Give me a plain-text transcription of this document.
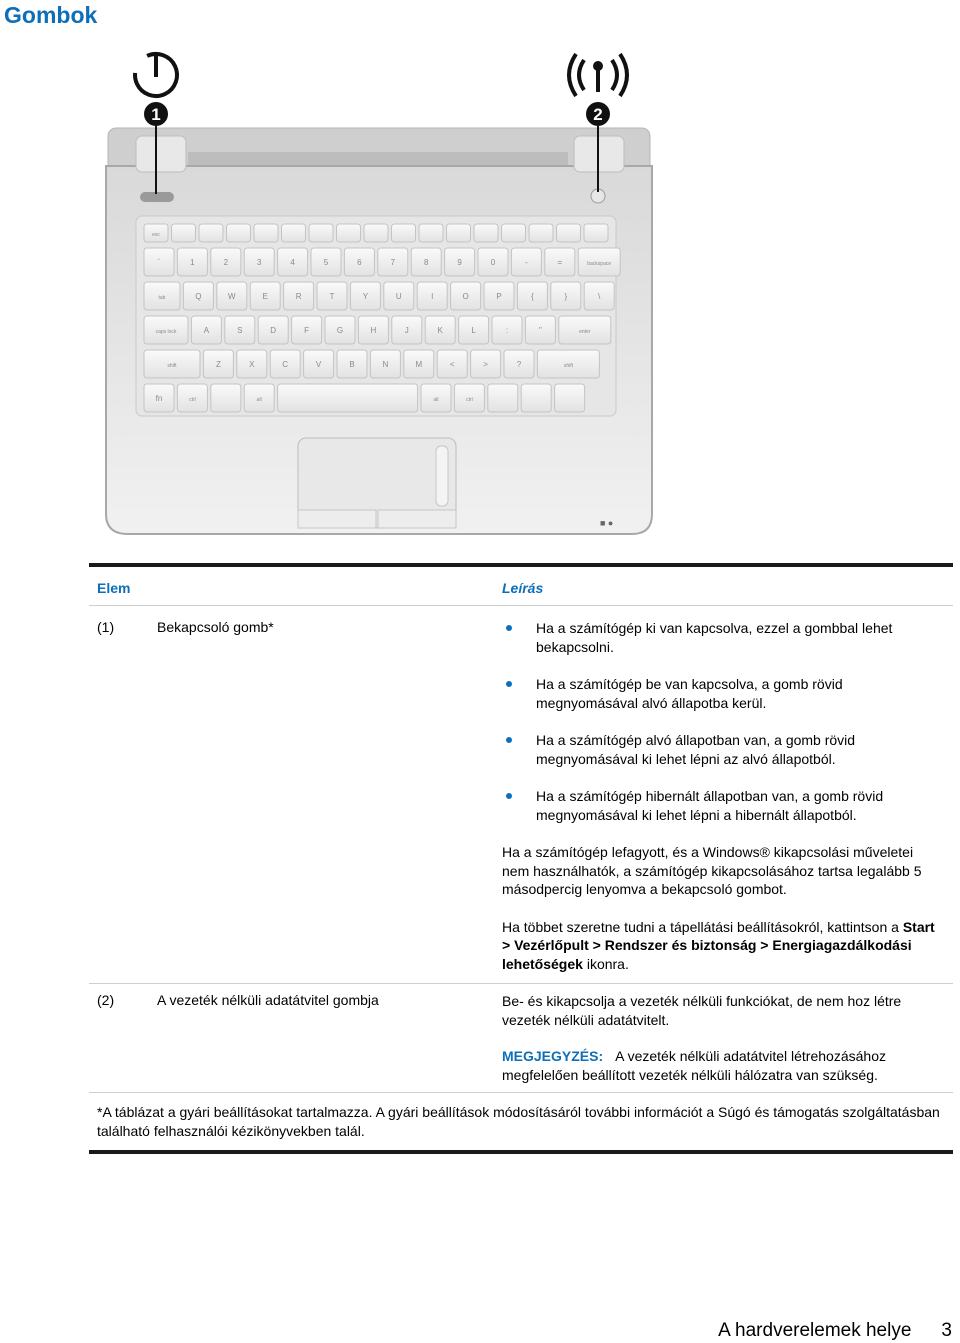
Gombok
esc
`	1	2	3	4	5	6	7	8	9	0	-	=	backspace
tab	Q	W	E	R	T	Y	U	I	O	P	{	}	\
caps lock	A	S	D	F	G	H	J	K	L	:	"	enter
shift	Z	X	C	V	B	N	M	<	>	?	shift
fn	ctrl	alt	alt	ctrl
1	2
■ ●
Elem	Leírás
(1)	Bekapcsoló gomb*	Ha a számítógép ki van kapcsolva, ezzel a gombbal lehet bekapcsolni.
Ha a számítógép be van kapcsolva, a gomb rövid megnyomásával alvó állapotba kerül.
Ha a számítógép alvó állapotban van, a gomb rövid megnyomásával ki lehet lépni az alvó állapotból.
Ha a számítógép hibernált állapotban van, a gomb rövid megnyomásával ki lehet lépni a hibernált állapotból.

Ha a számítógép lefagyott, és a Windows® kikapcsolási műveletei nem használhatók, a számítógép kikapcsolásához tartsa legalább 5 másodpercig lenyomva a bekapcsoló gombot.

Ha többet szeretne tudni a tápellátási beállításokról, kattintson a Start > Vezérlőpult > Rendszer és biztonság > Energiagazdálkodási lehetőségek ikonra.

(2)	A vezeték nélküli adatátvitel gombja	Be- és kikapcsolja a vezeték nélküli funkciókat, de nem hoz létre vezeték nélküli adatátvitelt.

MEGJEGYZÉS: A vezeték nélküli adatátvitel létrehozásához megfelelően beállított vezeték nélküli hálózatra van szükség.

*A táblázat a gyári beállításokat tartalmazza. A gyári beállítások módosításáról további információt a Súgó és támogatás szolgáltatásban található felhasználói kézikönyvekben talál.
A hardverelemek helye 3
